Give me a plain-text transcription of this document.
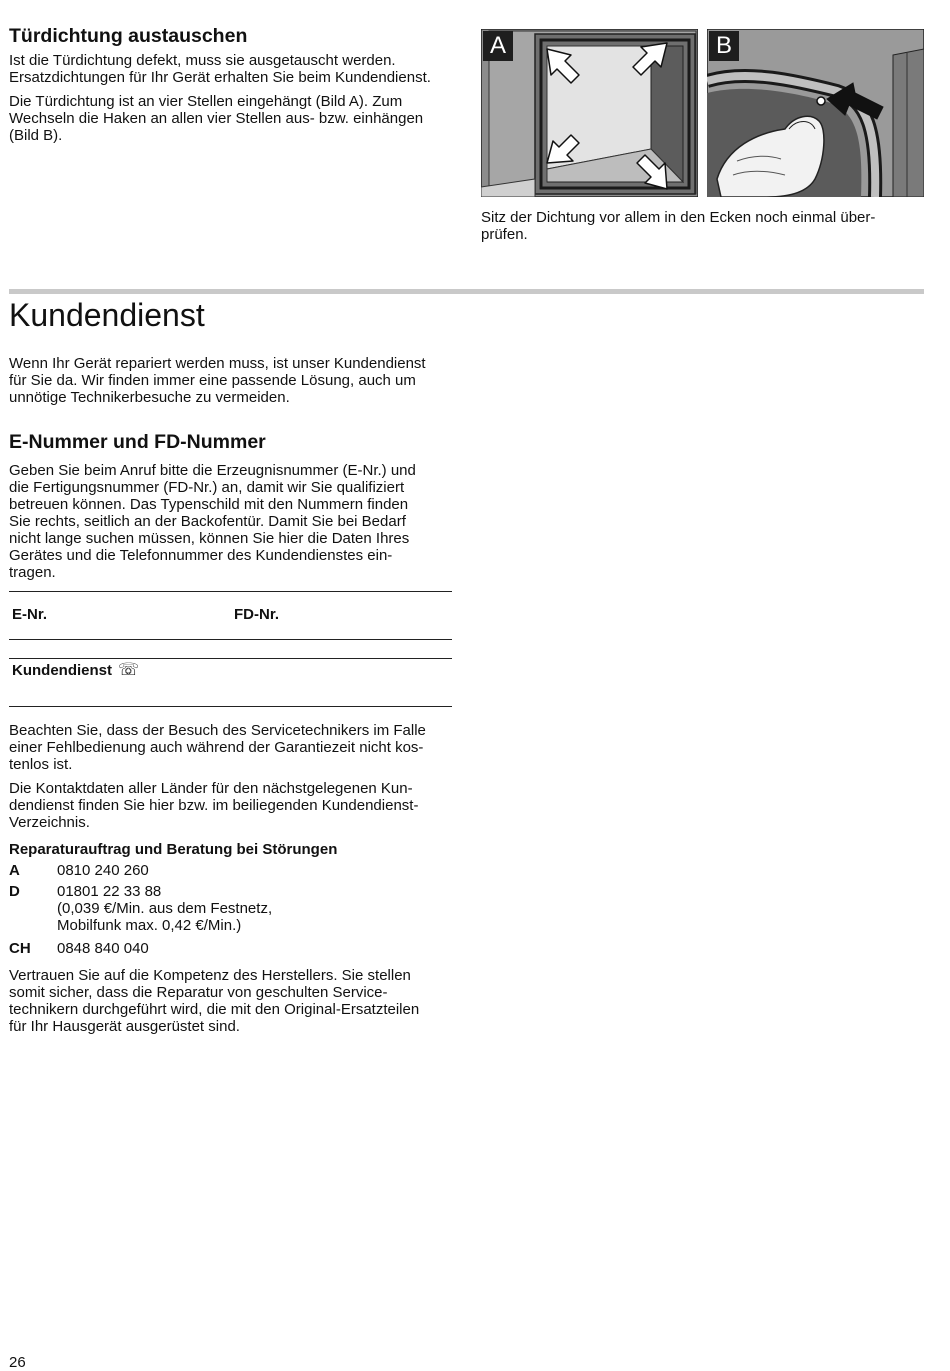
Türdichtung austauschen

Ist die Türdichtung defekt, muss sie ausgetauscht werden.
Ersatzdichtungen für Ihr Gerät erhalten Sie beim Kundendienst.

Die Türdichtung ist an vier Stellen eingehängt (Bild A). Zum
Wechseln die Haken an allen vier Stellen aus- bzw. einhängen
(Bild B).

A	B

Sitz der Dichtung vor allem in den Ecken noch einmal über-
prüfen.

Kundendienst

Wenn Ihr Gerät repariert werden muss, ist unser Kundendienst
für Sie da. Wir finden immer eine passende Lösung, auch um
unnötige Technikerbesuche zu vermeiden.

E-Nummer und FD-Nummer

Geben Sie beim Anruf bitte die Erzeugnisnummer (E-Nr.) und
die Fertigungsnummer (FD-Nr.) an, damit wir Sie qualifiziert
betreuen können. Das Typenschild mit den Nummern finden
Sie rechts, seitlich an der Backofentür. Damit Sie bei Bedarf
nicht lange suchen müssen, können Sie hier die Daten Ihres
Gerätes und die Telefonnummer des Kundendienstes ein-
tragen.

E-Nr.	FD-Nr.
Kundendienst ☏

Beachten Sie, dass der Besuch des Servicetechnikers im Falle
einer Fehlbedienung auch während der Garantiezeit nicht kos-
tenlos ist.

Die Kontaktdaten aller Länder für den nächstgelegenen Kun-
dendienst finden Sie hier bzw. im beiliegenden Kundendienst-
Verzeichnis.

Reparaturauftrag und Beratung bei Störungen
A 0810 240 260
D 01801 22 33 88
(0,039 €/Min. aus dem Festnetz,
Mobilfunk max. 0,42 €/Min.)
CH 0848 840 040

Vertrauen Sie auf die Kompetenz des Herstellers. Sie stellen
somit sicher, dass die Reparatur von geschulten Service-
technikern durchgeführt wird, die mit den Original-Ersatzteilen
für Ihr Hausgerät ausgerüstet sind.

26
